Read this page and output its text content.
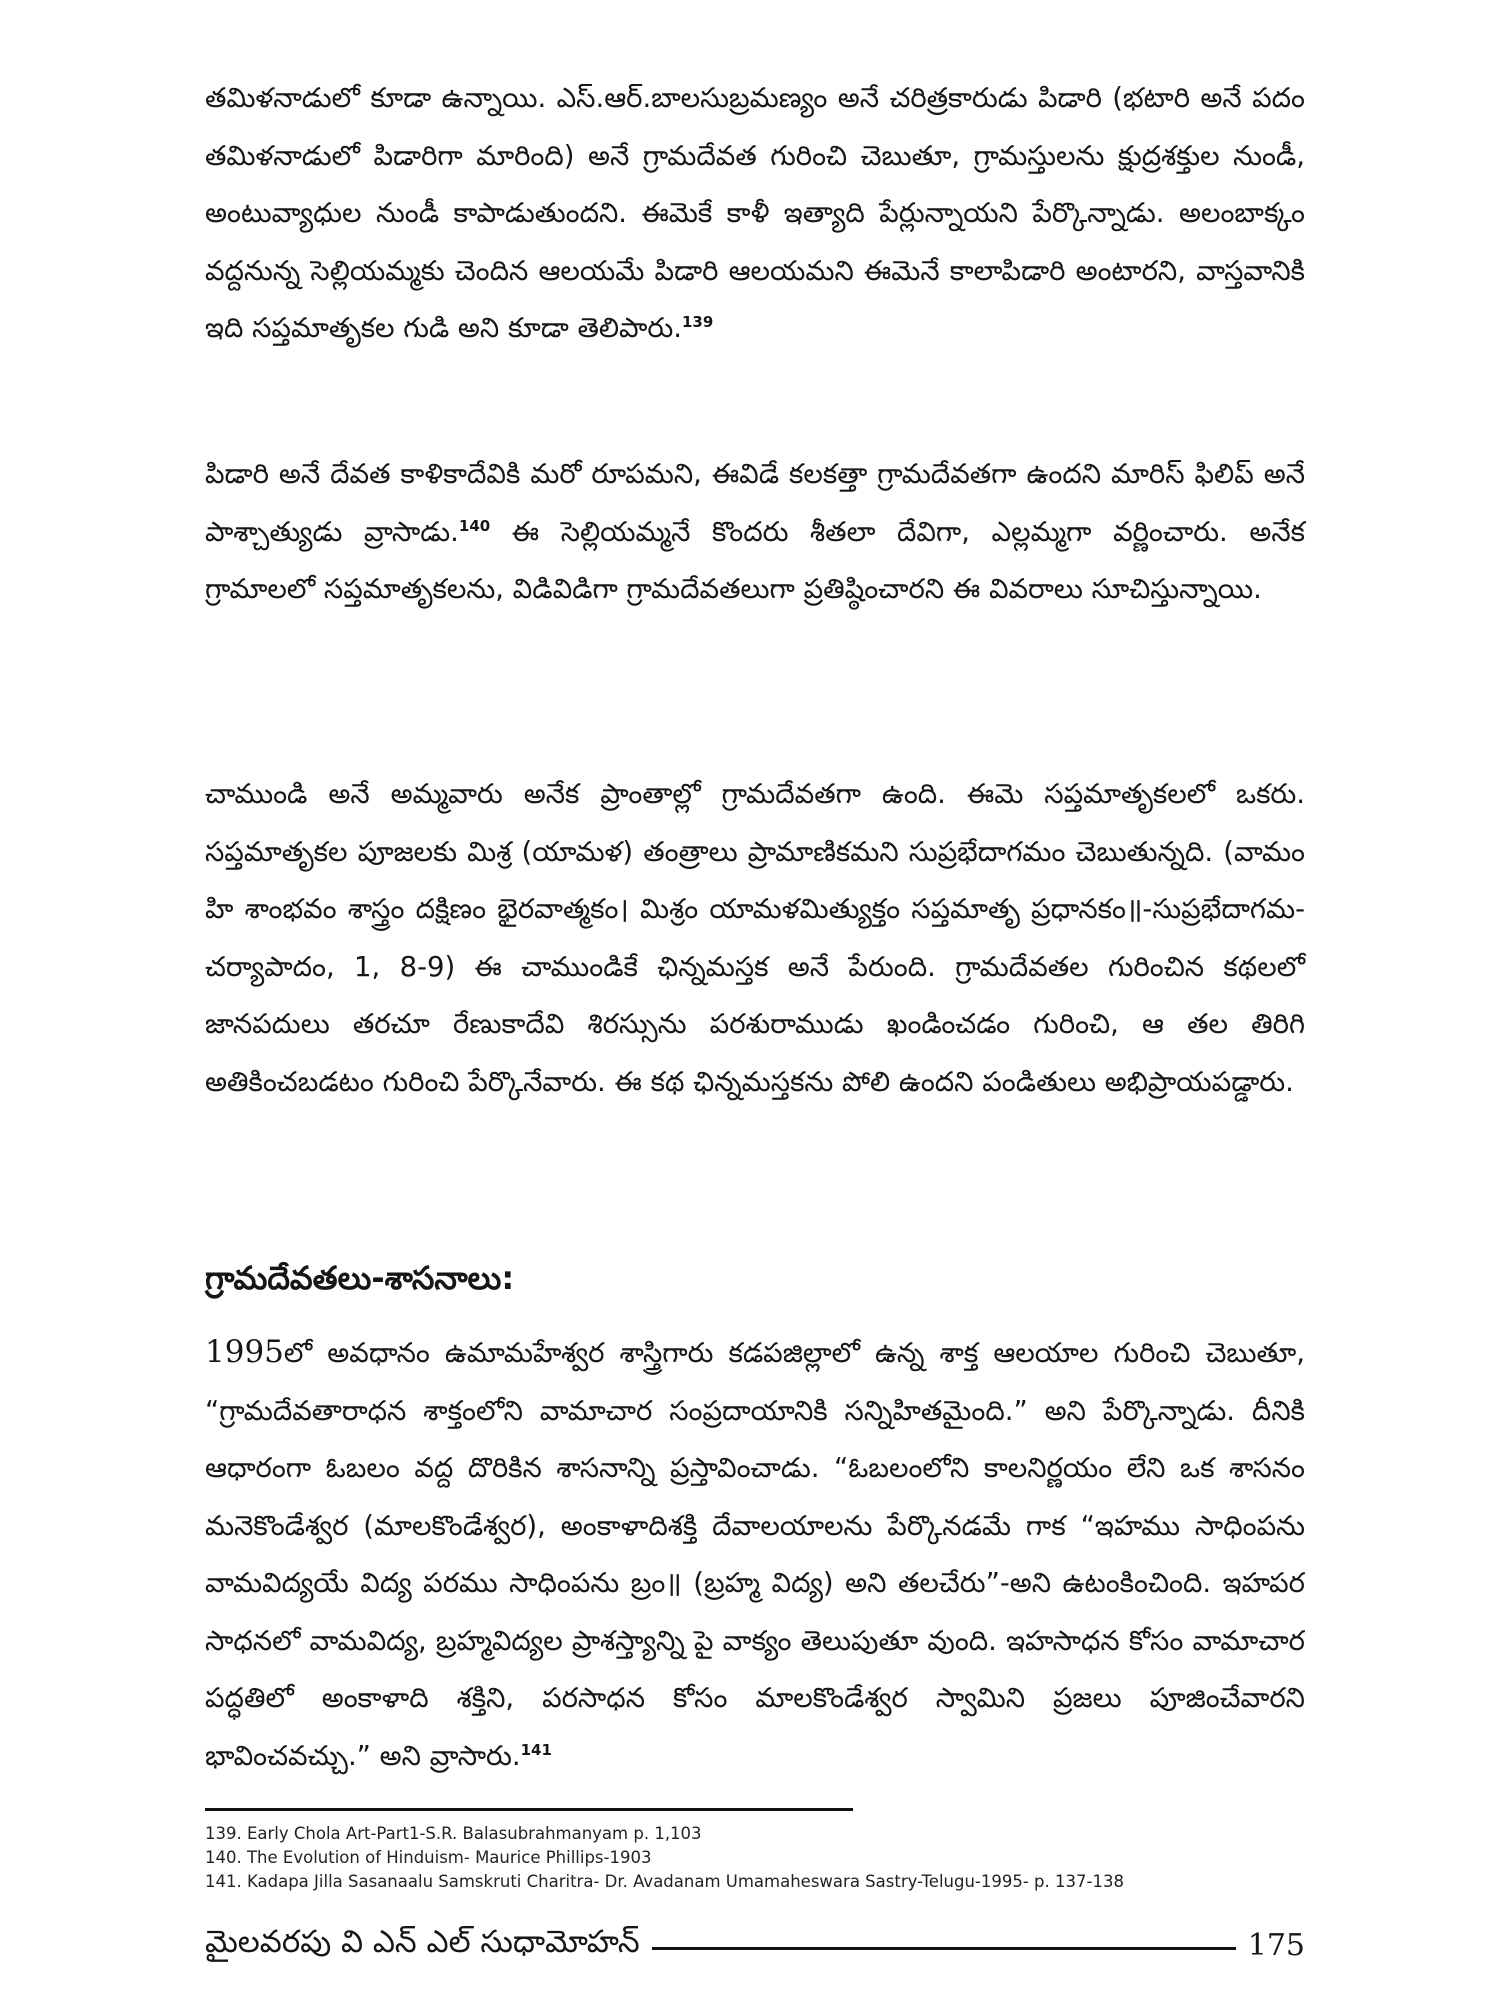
తమిళనాడులో కూడా ఉన్నాయి. ఎస్.ఆర్.బాలసుబ్రమణ్యం అనే చరిత్రకారుడు పిడారి (భటారి అనే పదం తమిళనాడులో పిడారిగా మారింది) అనే గ్రామదేవత గురించి చెబుతూ, గ్రామస్తులను క్షుద్రశక్తుల నుండీ, అంటువ్యాధుల నుండీ కాపాడుతుందని. ఈమెకే కాళీ ఇత్యాది పేర్లున్నాయని పేర్కొన్నాడు. అలంబాక్కం వద్దనున్న సెల్లియమ్మకు చెందిన ఆలయమే పిడారి ఆలయమని ఈమెనే కాలాపిడారి అంటారని, వాస్తవానికి ఇది సప్తమాతృకల గుడి అని కూడా తెలిపారు.$^{139}$

పిడారి అనే దేవత కాళికాదేవికి మరో రూపమని, ఈవిడే కలకత్తా గ్రామదేవతగా ఉందని మారిస్ ఫిలిప్ అనే పాశ్చాత్యుడు వ్రాసాడు.$^{140}$ ఈ సెల్లియమ్మనే కొందరు శీతలా దేవిగా, ఎల్లమ్మగా వర్ణించారు. అనేక గ్రామాలలో సప్తమాతృకలను, విడివిడిగా గ్రామదేవతలుగా ప్రతిష్ఠించారని ఈ వివరాలు సూచిస్తున్నాయి.

చాముండి అనే అమ్మవారు అనేక ప్రాంతాల్లో గ్రామదేవతగా ఉంది. ఈమె సప్తమాతృకలలో ఒకరు. సప్తమాతృకల పూజలకు మిశ్ర (యామళ) తంత్రాలు ప్రామాణికమని సుప్రభేదాగమం చెబుతున్నది. (వామం హి శాంభవం శాస్త్రం దక్షిణం భైరవాత్మకం। మిశ్రం యామళమిత్యుక్తం సప్తమాతృ ప్రధానకం॥-సుప్రభేదాగమ-చర్యాపాదం, 1, 8-9) ఈ చాముండికే ఛిన్నమస్తక అనే పేరుంది. గ్రామదేవతల గురించిన కథలలో జానపదులు తరచూ రేణుకాదేవి శిరస్సును పరశురాముడు ఖండించడం గురించి, ఆ తల తిరిగి అతికించబడటం గురించి పేర్కొనేవారు. ఈ కథ ఛిన్నమస్తకను పోలి ఉందని పండితులు అభిప్రాయపడ్డారు.

గ్రామదేవతలు-శాసనాలు:

1995లో అవధానం ఉమామహేశ్వర శాస్త్రిగారు కడపజిల్లాలో ఉన్న శాక్త ఆలయాల గురించి చెబుతూ, “గ్రామదేవతారాధన శాక్తంలోని వామాచార సంప్రదాయానికి సన్నిహితమైంది.” అని పేర్కొన్నాడు. దీనికి ఆధారంగా ఓబలం వద్ద దొరికిన శాసనాన్ని ప్రస్తావించాడు. “ఓబలంలోని కాలనిర్ణయం లేని ఒక శాసనం మనెకొండేశ్వర (మాలకొండేశ్వర), అంకాళాదిశక్తి దేవాలయాలను పేర్కొనడమే గాక “ఇహము సాధింపను వామవిద్యయే విద్య పరము సాధింపను బ్రం॥ (బ్రహ్మ విద్య) అని తలచేరు”-అని ఉటంకించింది. ఇహపర సాధనలో వామవిద్య, బ్రహ్మవిద్యల ప్రాశస్త్యాన్ని పై వాక్యం తెలుపుతూ వుంది. ఇహసాధన కోసం వామాచార పద్ధతిలో అంకాళాది శక్తిని, పరసాధన కోసం మాలకొండేశ్వర స్వామిని ప్రజలు పూజించేవారని భావించవచ్చు.” అని వ్రాసారు.$^{141}$

139. Early Chola Art-Part1-S.R. Balasubrahmanyam p. 1,103

140. The Evolution of Hinduism- Maurice Phillips-1903

141. Kadapa Jilla Sasanaalu Samskruti Charitra- Dr. Avadanam Umamaheswara Sastry-Telugu-1995- p. 137-138

మైలవరపు వి ఎన్ ఎల్ సుధామోహన్	175
